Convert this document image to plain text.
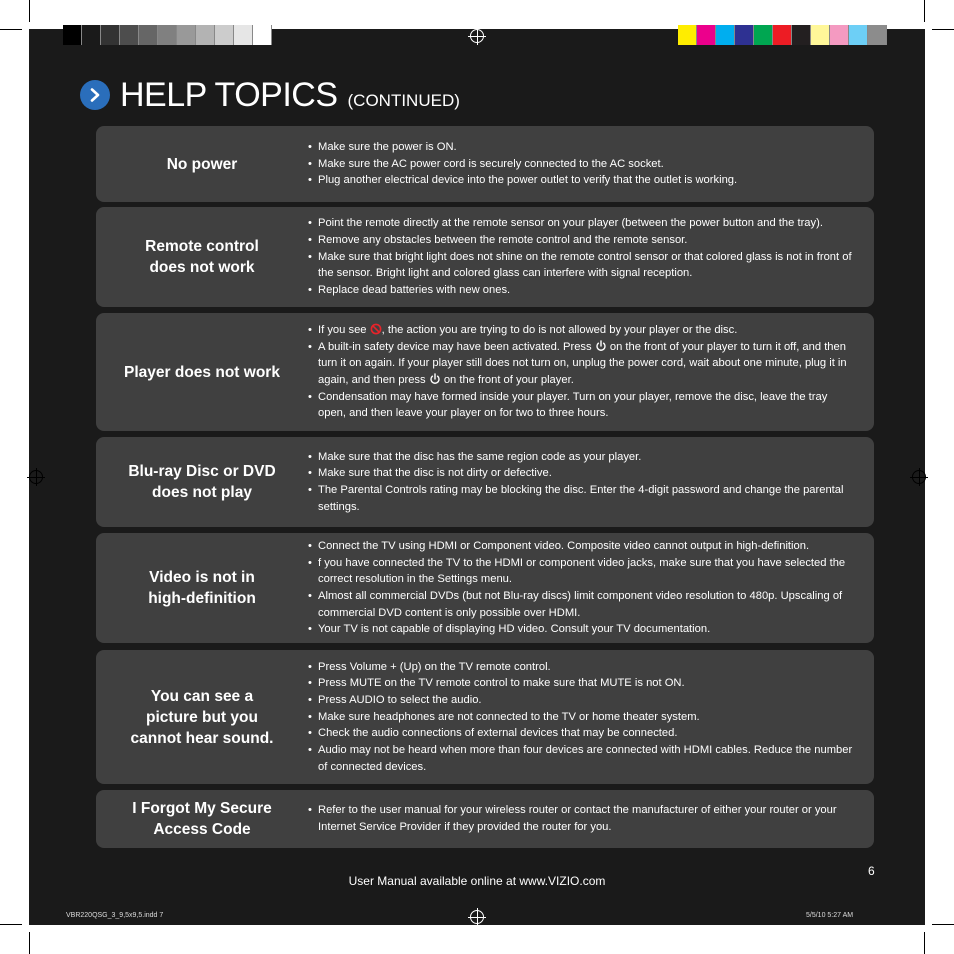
HELP TOPICS (CONTINUED)
No power
• Make sure the power is ON.
• Make sure the AC power cord is securely connected to the AC socket.
• Plug another electrical device into the power outlet to verify that the outlet is working.
Remote control does not work
• Point the remote directly at the remote sensor on your player (between the power button and the tray).
• Remove any obstacles between the remote control and the remote sensor.
• Make sure that bright light does not shine on the remote control sensor or that colored glass is not in front of the sensor. Bright light and colored glass can interfere with signal reception.
• Replace dead batteries with new ones.
Player does not work
• If you see , the action you are trying to do is not allowed by your player or the disc.
• A built-in safety device may have been activated. Press  on the front of your player to turn it off, and then turn it on again. If your player still does not turn on, unplug the power cord, wait about one minute, plug it in again, and then press  on the front of your player.
• Condensation may have formed inside your player. Turn on your player, remove the disc, leave the tray open, and then leave your player on for two to three hours.
Blu-ray Disc or DVD does not play
• Make sure that the disc has the same region code as your player.
• Make sure that the disc is not dirty or defective.
• The Parental Controls rating may be blocking the disc. Enter the 4-digit password and change the parental settings.
Video is not in high-definition
• Connect the TV using HDMI or Component video. Composite video cannot output in high-definition.
• f you have connected the TV to the HDMI or component video jacks, make sure that you have selected the correct resolution in the Settings menu.
• Almost all commercial DVDs (but not Blu-ray discs) limit component video resolution to 480p. Upscaling of commercial DVD content is only possible over HDMI.
• Your TV is not capable of displaying HD video. Consult your TV documentation.
You can see a picture but you cannot hear sound.
• Press Volume + (Up) on the TV remote control.
• Press MUTE on the TV remote control to make sure that MUTE is not ON.
• Press AUDIO to select the audio.
• Make sure headphones are not connected to the TV or home theater system.
• Check the audio connections of external devices that may be connected.
• Audio may not be heard when more than four devices are connected with HDMI cables. Reduce the number of connected devices.
I Forgot My Secure Access Code
• Refer to the user manual for your wireless router or contact the manufacturer of either your router or your Internet Service Provider if they provided the router for you.
6
User Manual available online at www.VIZIO.com
VBR220QSG_3_9,5x9,5.indd 7	5/5/10 5:27 AM
